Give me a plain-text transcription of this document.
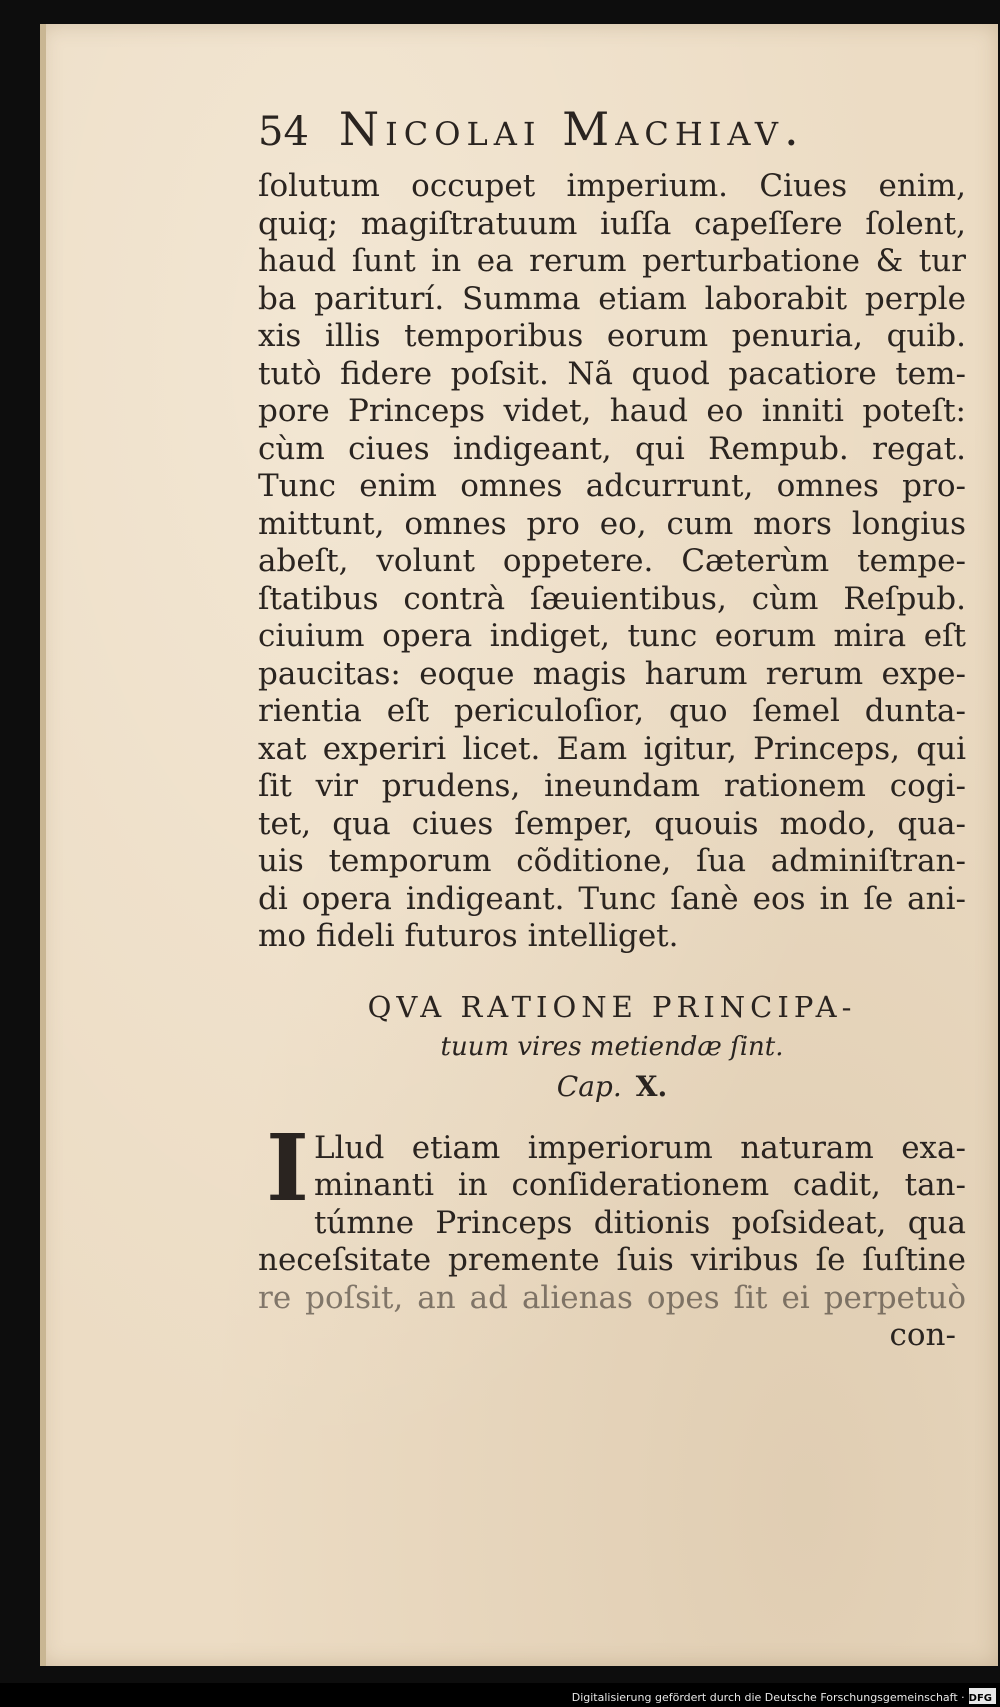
54 Nicolai Machiav.
ſolutum occupet imperium. Ciues enim,
quiq; magiſtratuum iuſſa capeſſere ſolent,
haud ſunt in ea rerum perturbatione & tur
ba pariturí. Summa etiam laborabit perple
xis illis temporibus eorum penuria, quib.
tutò fidere poſsit. Nã quod pacatiore tem-
pore Princeps videt, haud eo inniti poteſt:
cùm ciues indigeant, qui Rempub. regat.
Tunc enim omnes adcurrunt, omnes pro-
mittunt, omnes pro eo, cum mors longius
abeſt, volunt oppetere. Cæterùm tempe-
ſtatibus contrà ſæuientibus, cùm Reſpub.
ciuium opera indiget, tunc eorum mira eſt
paucitas: eoque magis harum rerum expe-
rientia eſt periculoſior, quo ſemel dunta-
xat experiri licet. Eam igitur, Princeps, qui
ſit vir prudens, ineundam rationem cogi-
tet, qua ciues ſemper, quouis modo, qua-
uis temporum cõditione, ſua adminiſtran-
di opera indigeant. Tunc ſanè eos in ſe ani-
mo fideli futuros intelliget.
QVA RATIONE PRINCIPA-
tuum vires metiendæ ſint.
Cap. X.
I Llud etiam imperiorum naturam exa-
minanti in conſiderationem cadit, tan-
túmne Princeps ditionis poſsideat, qua
neceſsitate premente ſuis viribus ſe ſuſtine
re poſsit, an ad alienas opes ſit ei perpetuò
con-
Digitalisierung gefördert durch die Deutsche Forschungsgemeinschaft · DFG
